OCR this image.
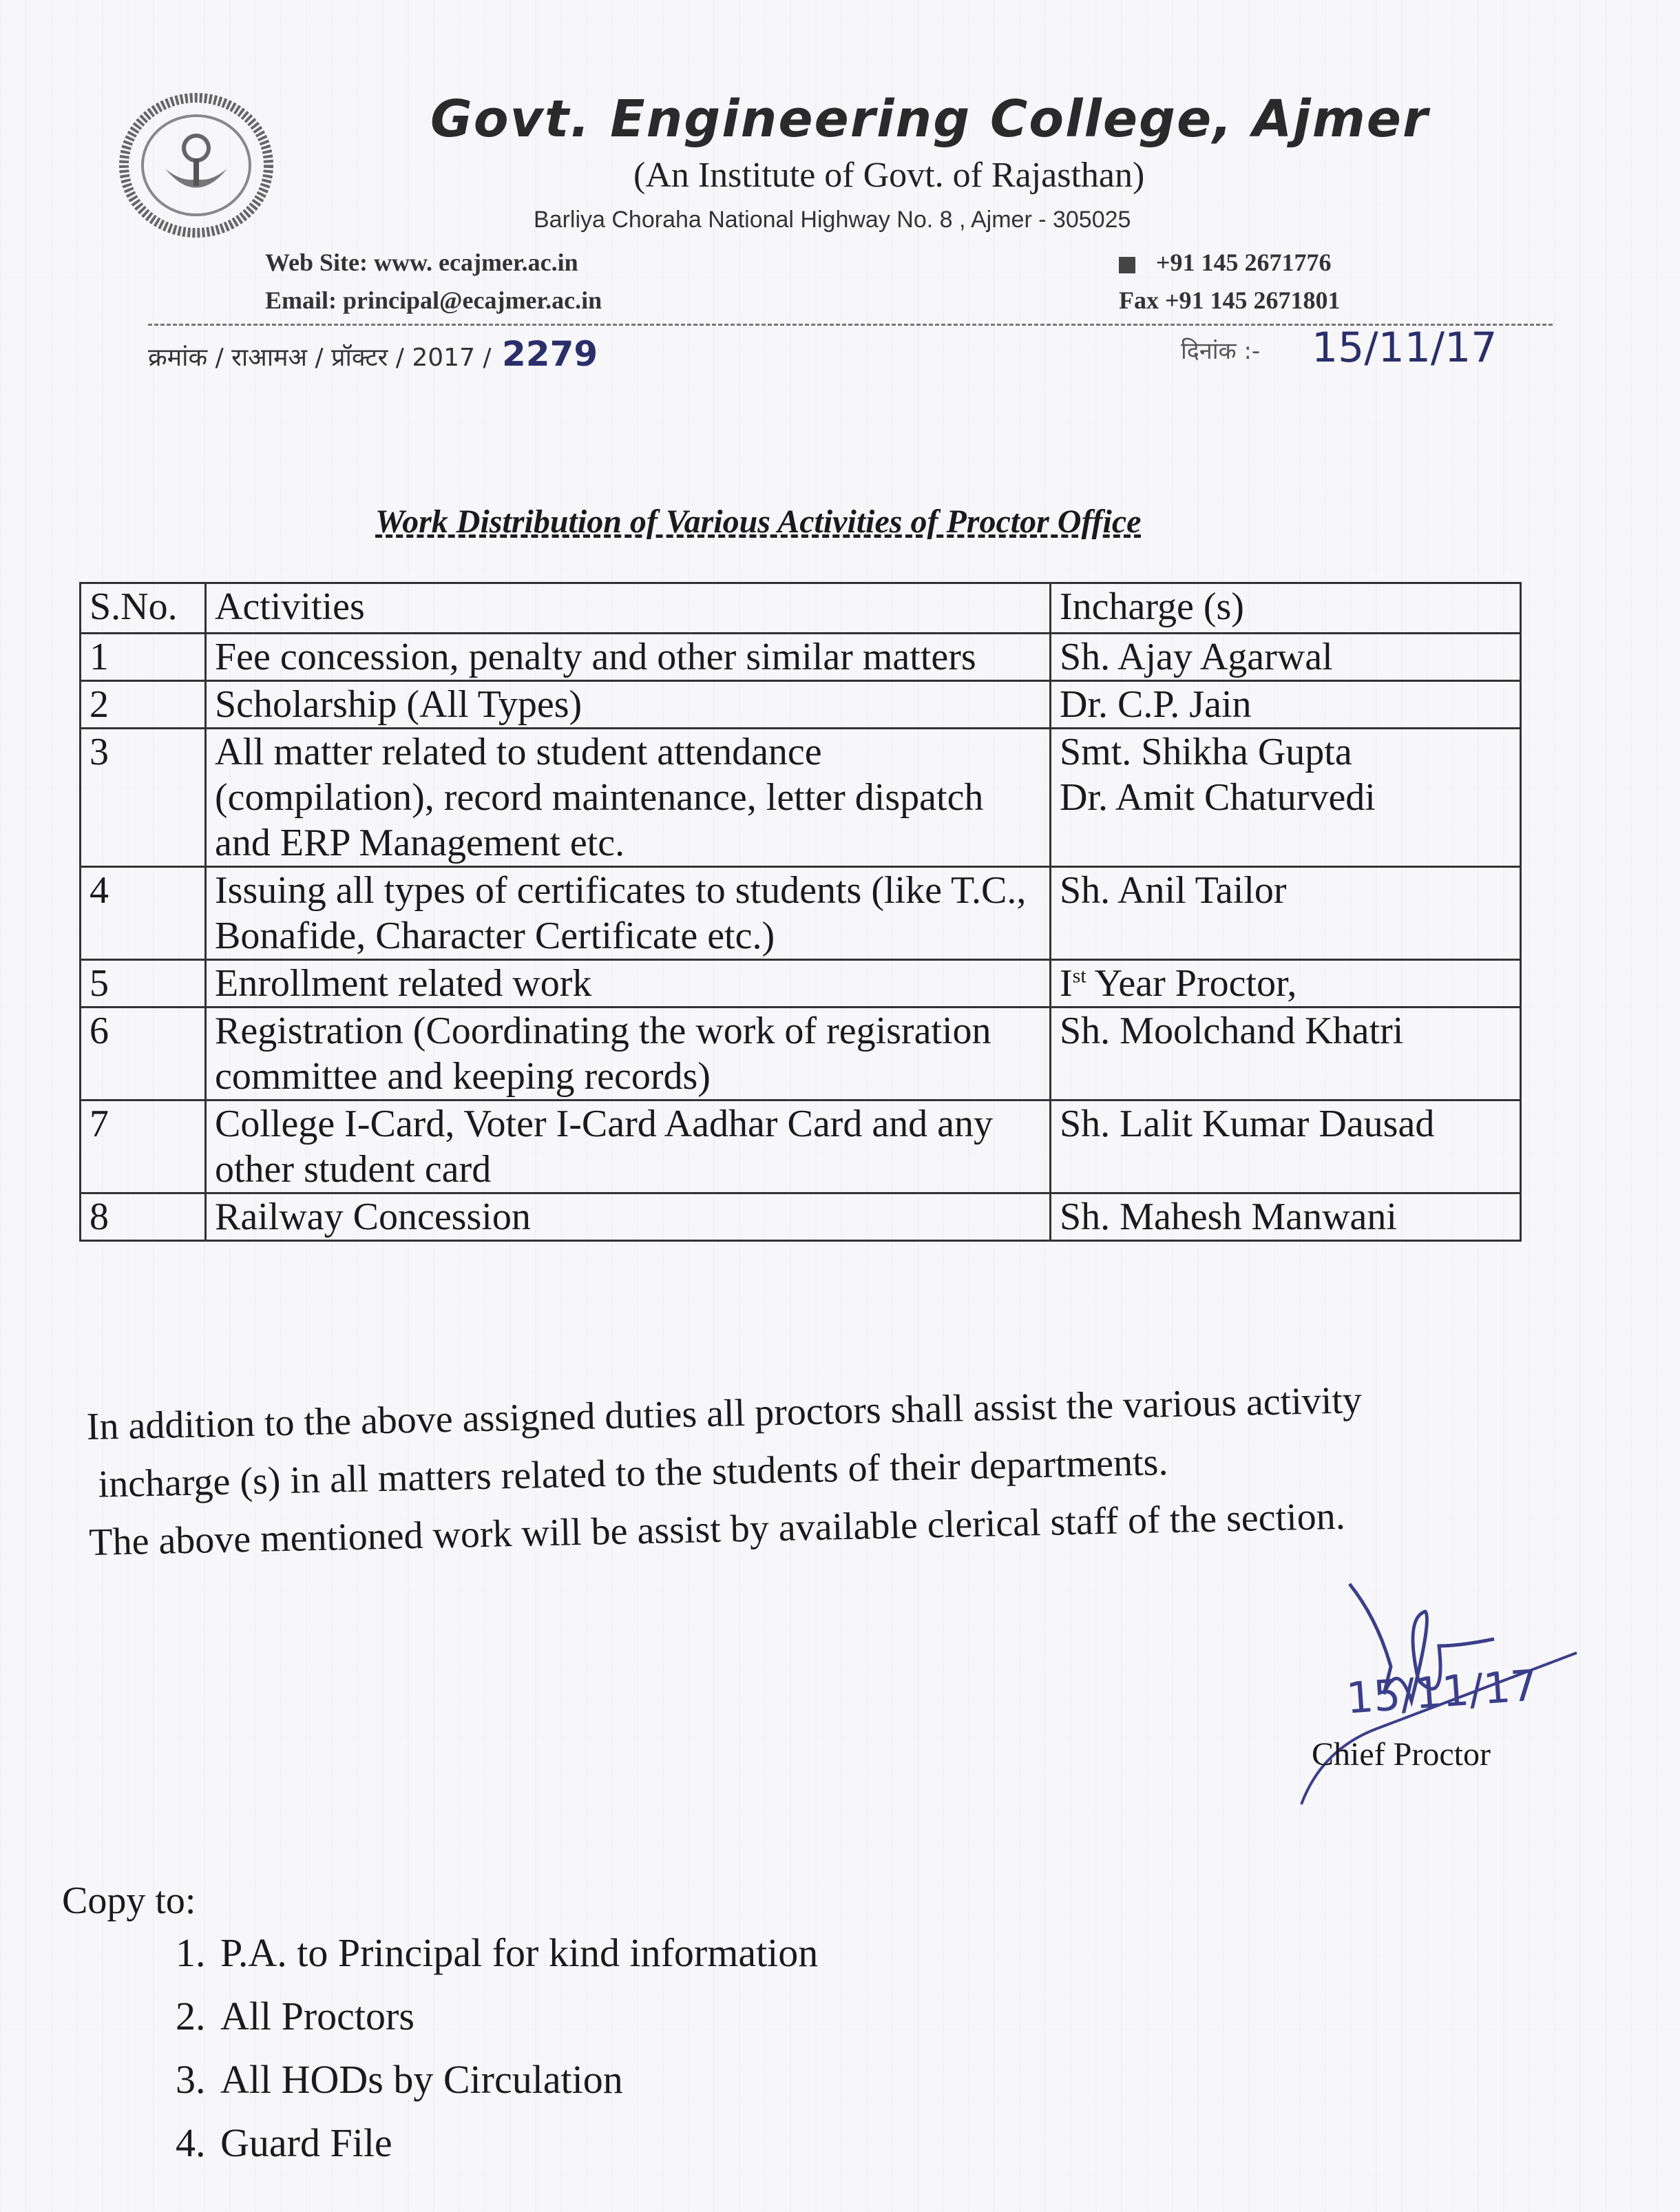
Govt. Engineering College, Ajmer
(An Institute of Govt. of Rajasthan)
Barliya Choraha National Highway No. 8 , Ajmer - 305025
Web Site: www. ecajmer.ac.in
Email: principal@ecajmer.ac.in
+91 145 2671776
Fax +91 145 2671801
क्रमांक / राआमअ / प्रॉक्टर / 2017 / 2279	दिनांक :- 15/11/17
Work Distribution of Various Activities of Proctor Office
S.No.	Activities	Incharge (s)
1	Fee concession, penalty and other similar matters	Sh. Ajay Agarwal

2	Scholarship (All Types)	Dr. C.P. Jain

3	All matter related to student attendance (compilation), record maintenance, letter dispatch and ERP Management etc.	Smt. Shikha Gupta
Dr. Amit Chaturvedi

4	Issuing all types of certificates to students (like T.C., Bonafide, Character Certificate etc.)	Sh. Anil Tailor

5	Enrollment related work	Ist Year Proctor,
6	Registration (Coordinating the work of regisration committee and keeping records)	Sh. Moolchand Khatri

7	College I-Card, Voter I-Card Aadhar Card and any other student card	Sh. Lalit Kumar Dausad

8	Railway Concession	Sh. Mahesh Manwani

In addition to the above assigned duties all proctors shall assist the various activity

incharge (s) in all matters related to the students of their departments.

The above mentioned work will be assist by available clerical staff of the section.

Chief Proctor
15/11/17
Copy to:
1. P.A. to Principal for kind information
2. All Proctors
3. All HODs by Circulation
4. Guard File
